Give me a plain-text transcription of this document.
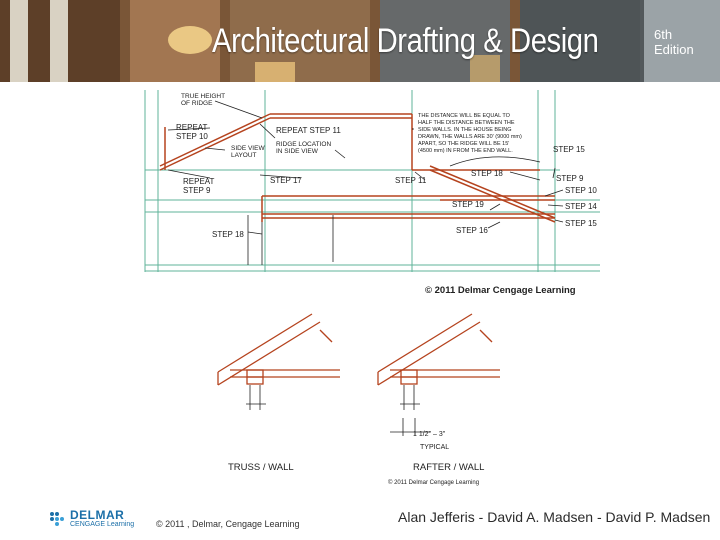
Architectural Drafting & Design	6th
Edition
TRUE HEIGHT
OF RIDGE
SIDE VIEW
LAYOUT
RIDGE LOCATION
IN SIDE VIEW
THE DISTANCE WILL BE EQUAL TO
HALF THE DISTANCE BETWEEN THE
SIDE WALLS. IN THE HOUSE BEING
DRAWN, THE WALLS ARE 30' (9000 mm)
APART, SO THE RIDGE WILL BE 15'
(4500 mm) IN FROM THE END WALL.
REPEAT
STEP 10
REPEAT STEP 11
REPEAT
STEP 9
STEP 17	STEP 11
STEP 18
STEP 15
STEP 9
STEP 10
STEP 14
STEP 15
STEP 19
STEP 16
STEP 18
© 2011 Delmar Cengage Learning
1 1/2" – 3"
TYPICAL
TRUSS / WALL	RAFTER / WALL
© 2011 Delmar Cengage Learning
DELMAR
CENGAGE Learning © 2011 , Delmar, Cengage Learning	Alan Jefferis - David A. Madsen - David P. Madsen
